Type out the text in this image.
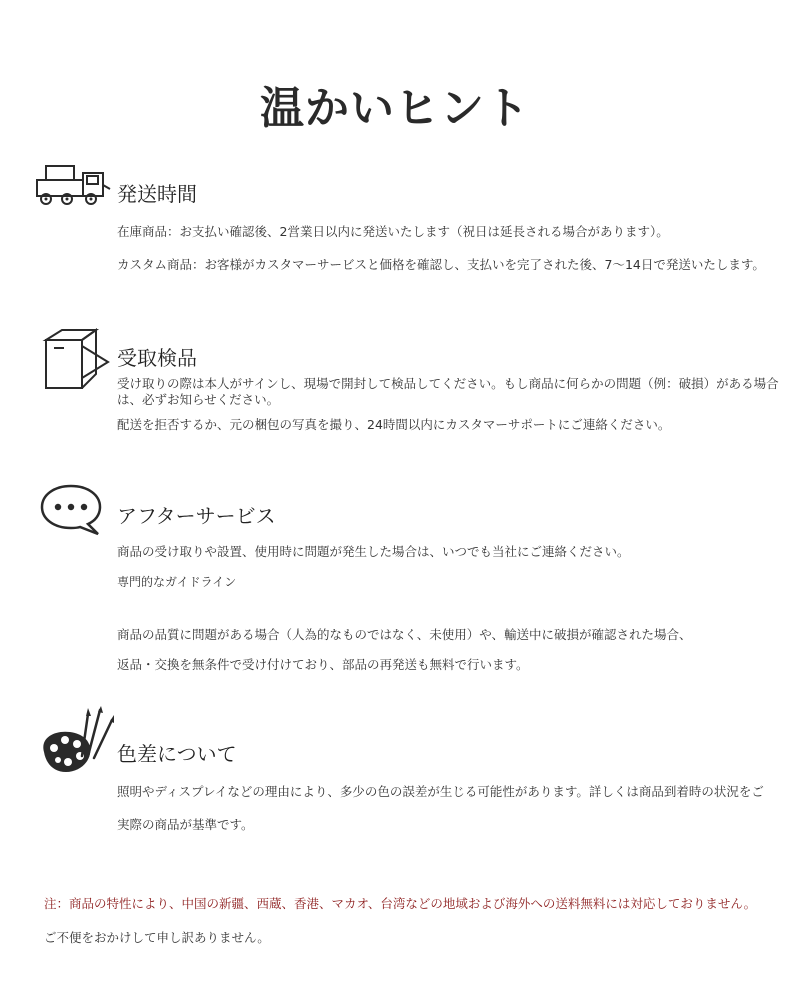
温かいヒント
発送時間
在庫商品：お支払い確認後、2営業日以内に発送いたします（祝日は延長される場合があります）。
カスタム商品：お客様がカスタマーサービスと価格を確認し、支払いを完了された後、7〜14日で発送いたします。
受取検品
受け取りの際は本人がサインし、現場で開封して検品してください。もし商品に何らかの問題（例：破損）がある場合は、必ずお知らせください。
配送を拒否するか、元の梱包の写真を撮り、24時間以内にカスタマーサポートにご連絡ください。
アフターサービス
商品の受け取りや設置、使用時に問題が発生した場合は、いつでも当社にご連絡ください。
専門的なガイドライン
商品の品質に問題がある場合（人為的なものではなく、未使用）や、輸送中に破損が確認された場合、
返品・交換を無条件で受け付けており、部品の再発送も無料で行います。
色差について
照明やディスプレイなどの理由により、多少の色の誤差が生じる可能性があります。詳しくは商品到着時の状況をご
実際の商品が基準です。
注：商品の特性により、中国の新疆、西蔵、香港、マカオ、台湾などの地域および海外への送料無料には対応しておりません。
ご不便をおかけして申し訳ありません。
